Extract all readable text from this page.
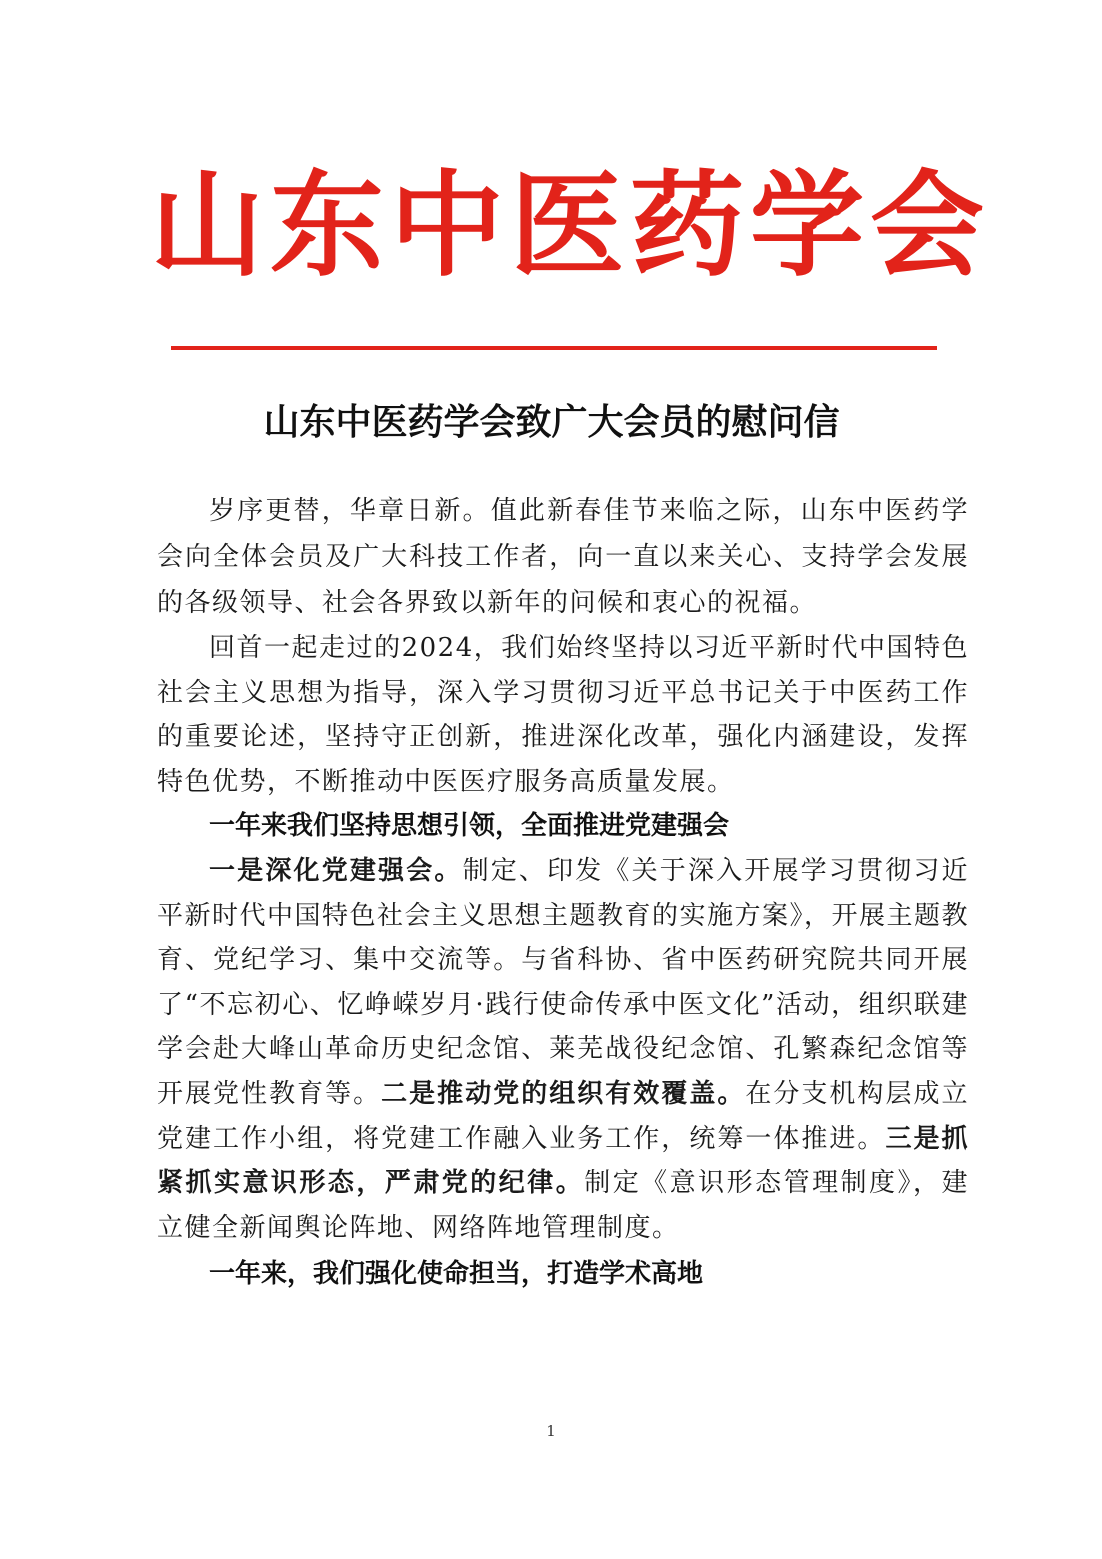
山东中医药学会
山东中医药学会致广大会员的慰问信

岁序更替，华章日新。值此新春佳节来临之际，山东中医药学会向全体会员及广大科技工作者，向一直以来关心、支持学会发展的各级领导、社会各界致以新年的问候和衷心的祝福。

回首一起走过的2024，我们始终坚持以习近平新时代中国特色社会主义思想为指导，深入学习贯彻习近平总书记关于中医药工作的重要论述，坚持守正创新，推进深化改革，强化内涵建设，发挥特色优势，不断推动中医医疗服务高质量发展。

一年来我们坚持思想引领，全面推进党建强会

一是深化党建强会。制定、印发《关于深入开展学习贯彻习近平新时代中国特色社会主义思想主题教育的实施方案》，开展主题教育、党纪学习、集中交流等。与省科协、省中医药研究院共同开展了“不忘初心、忆峥嵘岁月·践行使命传承中医文化”活动，组织联建学会赴大峰山革命历史纪念馆、莱芜战役纪念馆、孔繁森纪念馆等开展党性教育等。二是推动党的组织有效覆盖。在分支机构层成立党建工作小组，将党建工作融入业务工作，统筹一体推进。三是抓紧抓实意识形态，严肃党的纪律。制定《意识形态管理制度》，建立健全新闻舆论阵地、网络阵地管理制度。

一年来，我们强化使命担当，打造学术高地

1
